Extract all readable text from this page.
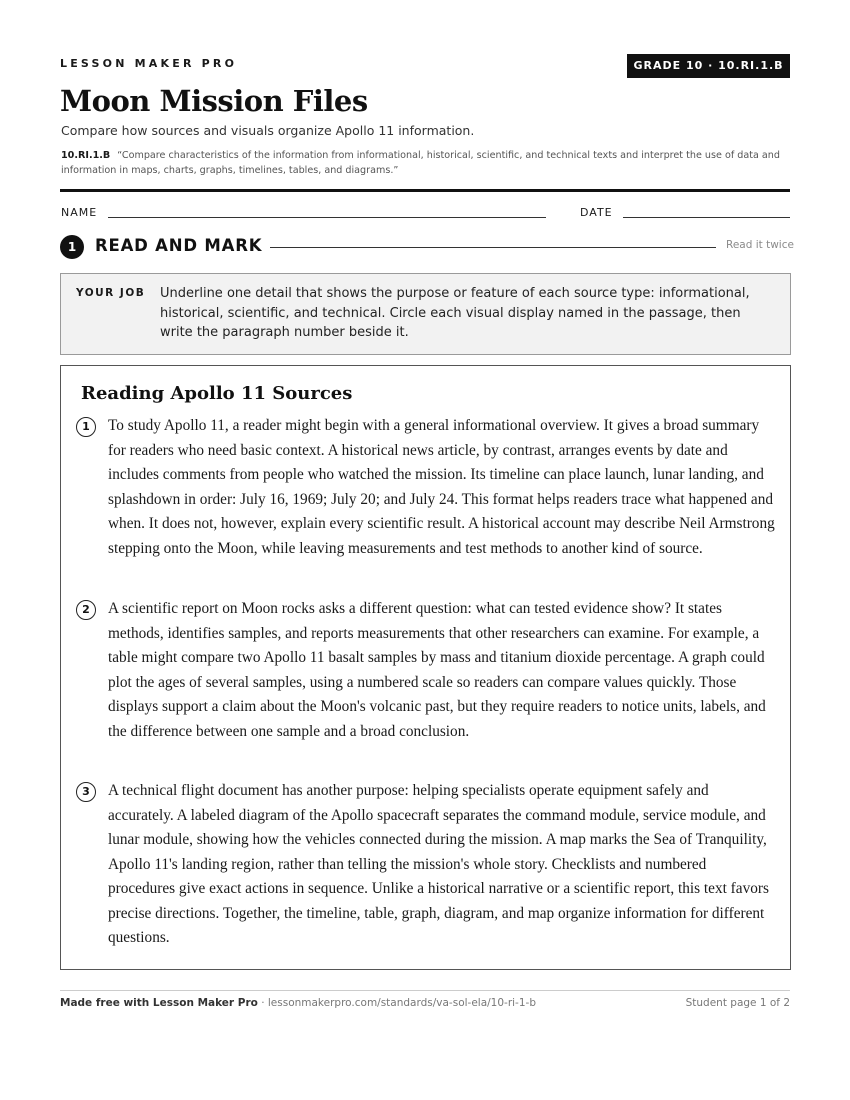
LESSON MAKER PRO	GRADE 10 · 10.RI.1.B
Moon Mission Files
Compare how sources and visuals organize Apollo 11 information.
10.RI.1.B “Compare characteristics of the information from informational, historical, scientific, and technical texts and interpret the use of data and information in maps, charts, graphs, timelines, tables, and diagrams.”
NAME	DATE
1	READ AND MARK	Read it twice
YOUR JOB Underline one detail that shows the purpose or feature of each source type: informational, historical, scientific, and technical. Circle each visual display named in the passage, then write the paragraph number beside it.
Reading Apollo 11 Sources
1	To study Apollo 11, a reader might begin with a general informational overview. It gives a broad summary for readers who need basic context. A historical news article, by contrast, arranges events by date and includes comments from people who watched the mission. Its timeline can place launch, lunar landing, and splashdown in order: July 16, 1969; July 20; and July 24. This format helps readers trace what happened and when. It does not, however, explain every scientific result. A historical account may describe Neil Armstrong stepping onto the Moon, while leaving measurements and test methods to another kind of source.

2	A scientific report on Moon rocks asks a different question: what can tested evidence show? It states methods, identifies samples, and reports measurements that other researchers can examine. For example, a table might compare two Apollo 11 basalt samples by mass and titanium dioxide percentage. A graph could plot the ages of several samples, using a numbered scale so readers can compare values quickly. Those displays support a claim about the Moon's volcanic past, but they require readers to notice units, labels, and the difference between one sample and a broad conclusion.

3	A technical flight document has another purpose: helping specialists operate equipment safely and accurately. A labeled diagram of the Apollo spacecraft separates the command module, service module, and lunar module, showing how the vehicles connected during the mission. A map marks the Sea of Tranquility, Apollo 11's landing region, rather than telling the mission's whole story. Checklists and numbered procedures give exact actions in sequence. Unlike a historical narrative or a scientific report, this text favors precise directions. Together, the timeline, table, graph, diagram, and map organize information for different questions.

Made free with Lesson Maker Pro · lessonmakerpro.com/standards/va-sol-ela/10-ri-1-b	Student page 1 of 2
